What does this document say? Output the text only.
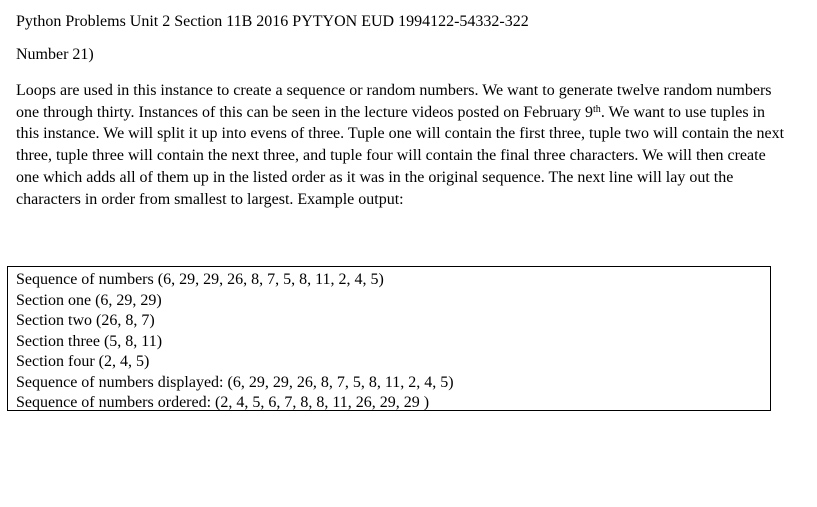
Python Problems Unit 2 Section 11B 2016 PYTYON EUD 1994122-54332-322

Number 21)

Loops are used in this instance to create a sequence or random numbers. We want to generate twelve random numbers one through thirty. Instances of this can be seen in the lecture videos posted on February 9th. We want to use tuples in this instance. We will split it up into evens of three. Tuple one will contain the first three, tuple two will contain the next three, tuple three will contain the next three, and tuple four will contain the final three characters. We will then create one which adds all of them up in the listed order as it was in the original sequence. The next line will lay out the characters in order from smallest to largest. Example output:

Sequence of numbers (6, 29, 29, 26, 8, 7, 5, 8, 11, 2, 4, 5)
Section one (6, 29, 29)
Section two (26, 8, 7)
Section three (5, 8, 11)
Section four (2, 4, 5)
Sequence of numbers displayed: (6, 29, 29, 26, 8, 7, 5, 8, 11, 2, 4, 5)
Sequence of numbers ordered: (2, 4, 5, 6, 7, 8, 8, 11, 26, 29, 29 )
